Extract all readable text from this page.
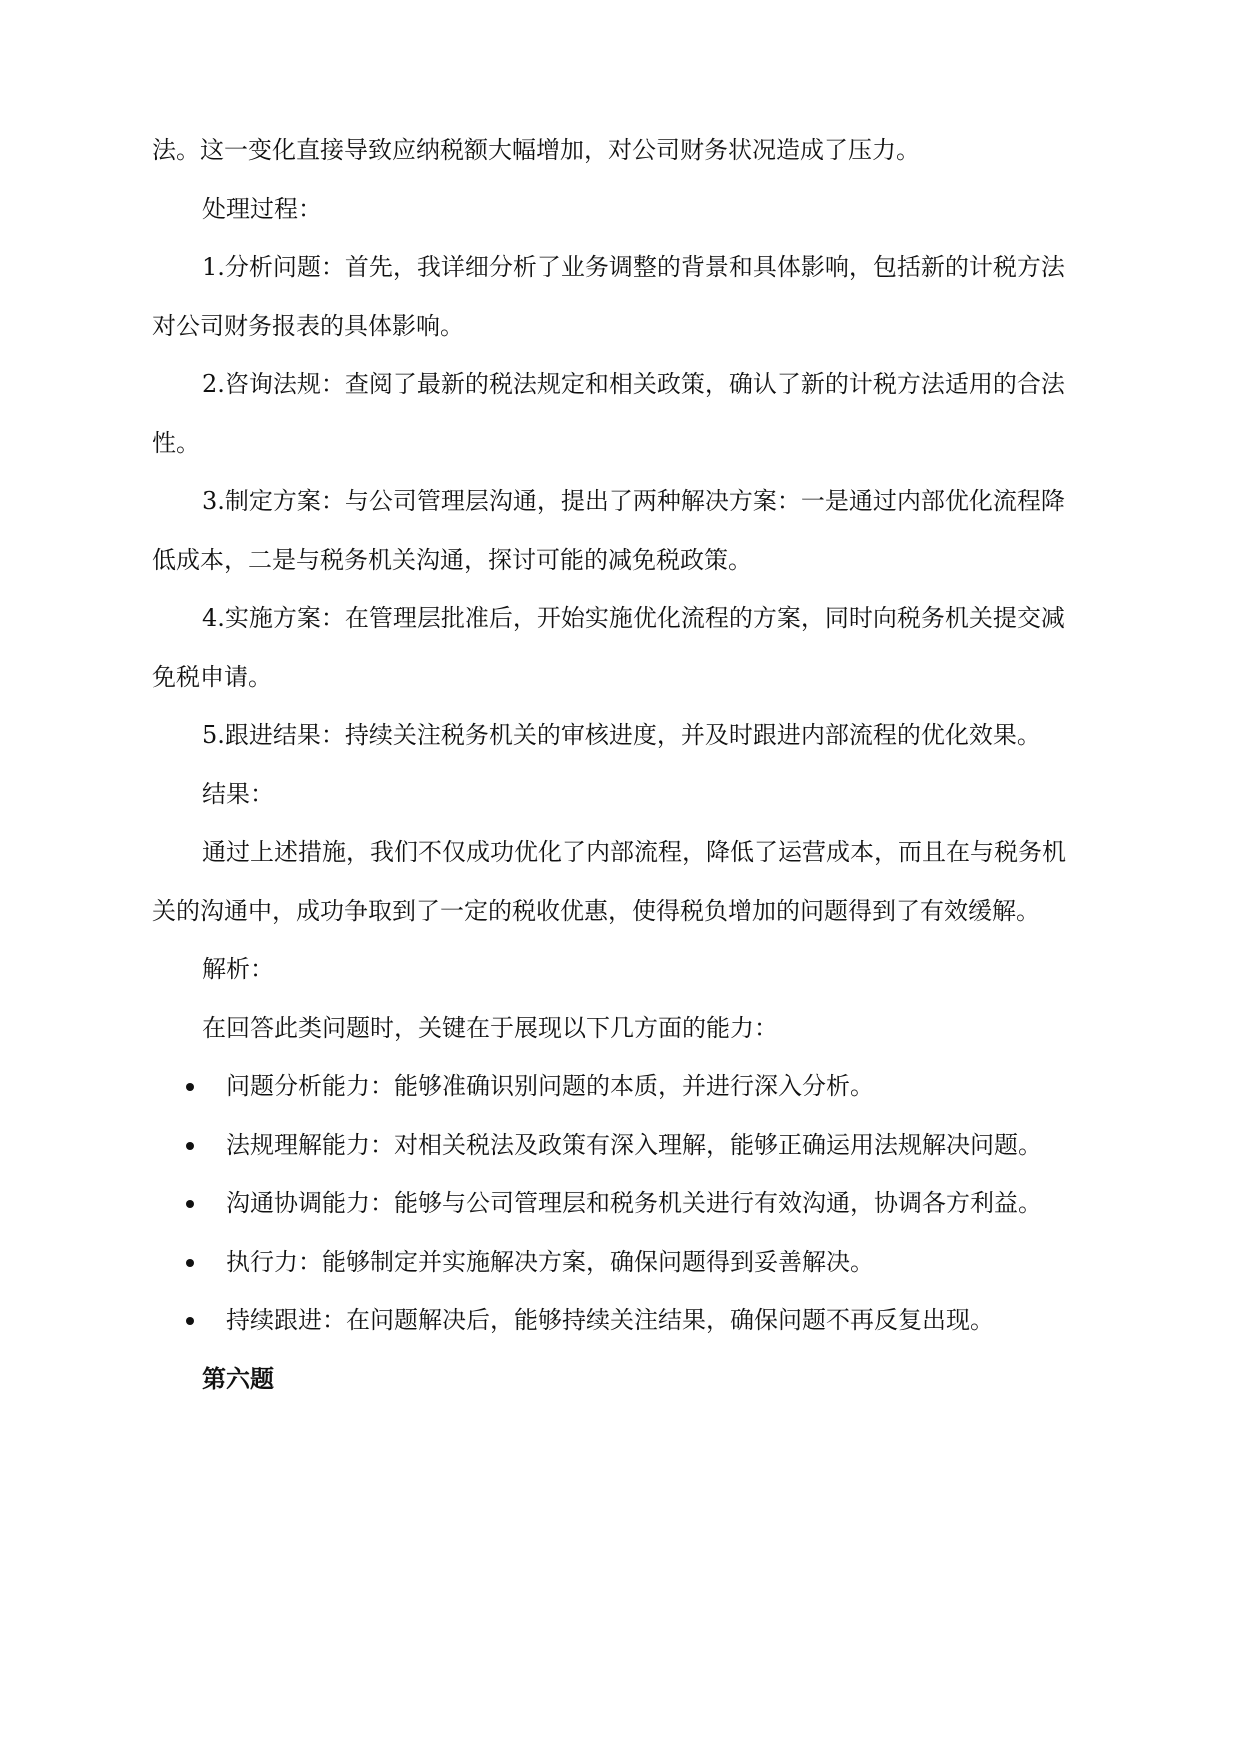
法。这一变化直接导致应纳税额大幅增加，对公司财务状况造成了压力。
处理过程：
1.分析问题：首先，我详细分析了业务调整的背景和具体影响，包括新的计税方法
对公司财务报表的具体影响。
2.咨询法规：查阅了最新的税法规定和相关政策，确认了新的计税方法适用的合法
性。
3.制定方案：与公司管理层沟通，提出了两种解决方案：一是通过内部优化流程降
低成本，二是与税务机关沟通，探讨可能的减免税政策。
4.实施方案：在管理层批准后，开始实施优化流程的方案，同时向税务机关提交减
免税申请。
5.跟进结果：持续关注税务机关的审核进度，并及时跟进内部流程的优化效果。
结果：
通过上述措施，我们不仅成功优化了内部流程，降低了运营成本，而且在与税务机
关的沟通中，成功争取到了一定的税收优惠，使得税负增加的问题得到了有效缓解。
解析：
在回答此类问题时，关键在于展现以下几方面的能力：
问题分析能力：能够准确识别问题的本质，并进行深入分析。
法规理解能力：对相关税法及政策有深入理解，能够正确运用法规解决问题。
沟通协调能力：能够与公司管理层和税务机关进行有效沟通，协调各方利益。
执行力：能够制定并实施解决方案，确保问题得到妥善解决。
持续跟进：在问题解决后，能够持续关注结果，确保问题不再反复出现。
第六题
